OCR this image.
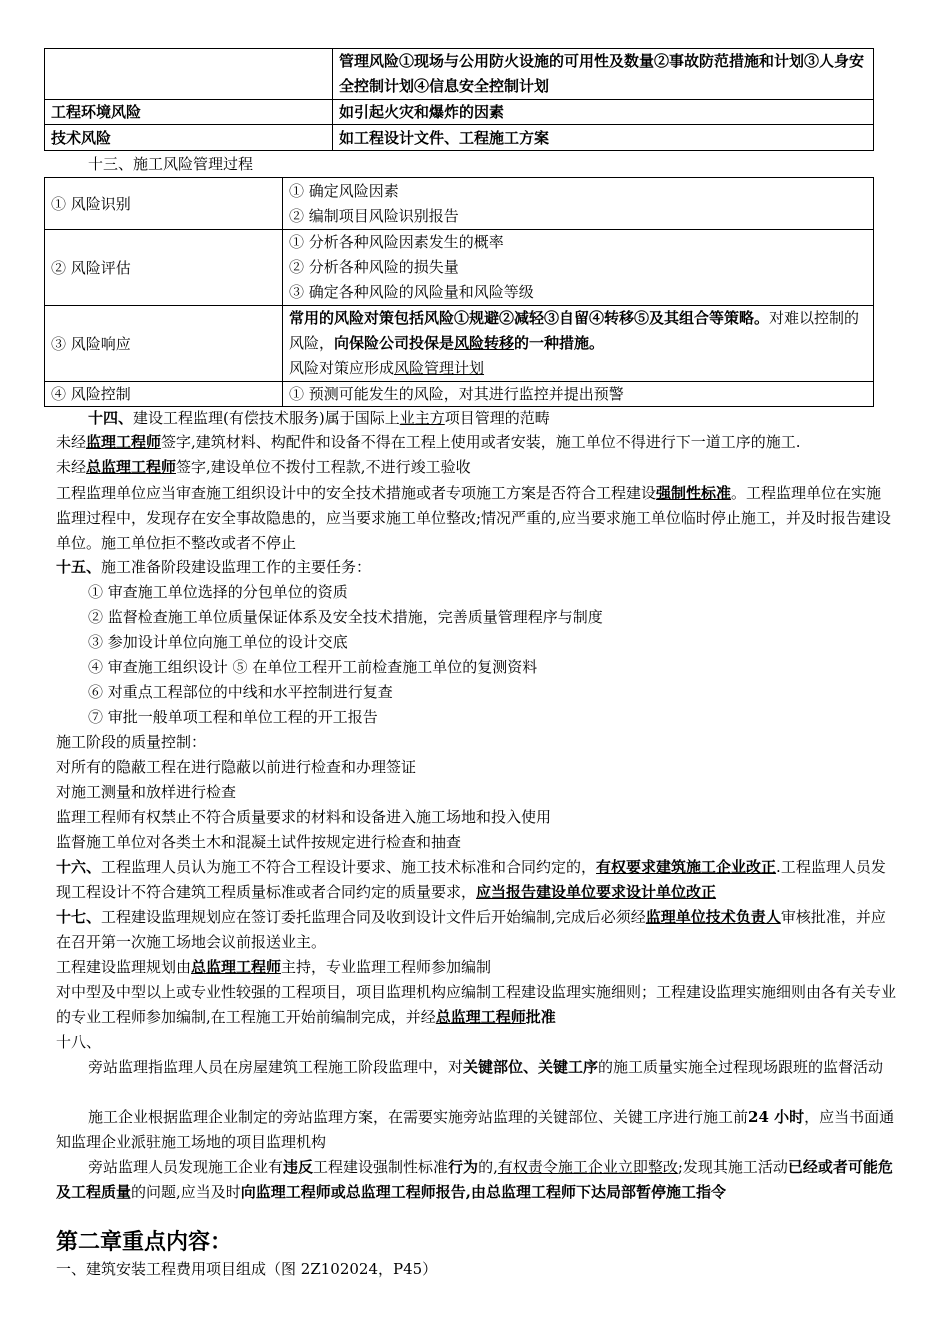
	管理风险①现场与公用防火设施的可用性及数量②事故防范措施和计划③人身安全控制计划④信息安全控制计划
工程环境风险	如引起火灾和爆炸的因素
技术风险	如工程设计文件、工程施工方案
十三、施工风险管理过程
① 风险识别	① 确定风险因素
② 编制项目风险识别报告

② 风险评估	① 分析各种风险因素发生的概率
② 分析各种风险的损失量
③ 确定各种风险的风险量和风险等级

③ 风险响应	常用的风险对策包括风险①规避②减轻③自留④转移⑤及其组合等策略。对难以控制的风险，向保险公司投保是风险转移的一种措施。
风险对策应形成风险管理计划
④ 风险控制	① 预测可能发生的风险，对其进行监控并提出预警
十四、建设工程监理(有偿技术服务)属于国际上业主方项目管理的范畴
未经监理工程师签字,建筑材料、构配件和设备不得在工程上使用或者安装，施工单位不得进行下一道工序的施工.
未经总监理工程师签字,建设单位不拨付工程款,不进行竣工验收
工程监理单位应当审查施工组织设计中的安全技术措施或者专项施工方案是否符合工程建设强制性标准。工程监理单位在实施监理过程中，发现存在安全事故隐患的，应当要求施工单位整改;情况严重的,应当要求施工单位临时停止施工，并及时报告建设单位。施工单位拒不整改或者不停止
十五、施工准备阶段建设监理工作的主要任务：
① 审查施工单位选择的分包单位的资质
② 监督检查施工单位质量保证体系及安全技术措施，完善质量管理程序与制度
③ 参加设计单位向施工单位的设计交底
④ 审查施工组织设计 ⑤ 在单位工程开工前检查施工单位的复测资料
⑥ 对重点工程部位的中线和水平控制进行复查
⑦ 审批一般单项工程和单位工程的开工报告
施工阶段的质量控制：
对所有的隐蔽工程在进行隐蔽以前进行检查和办理签证
对施工测量和放样进行检查
监理工程师有权禁止不符合质量要求的材料和设备进入施工场地和投入使用
监督施工单位对各类土木和混凝土试件按规定进行检查和抽查
十六、工程监理人员认为施工不符合工程设计要求、施工技术标准和合同约定的，有权要求建筑施工企业改正.工程监理人员发现工程设计不符合建筑工程质量标准或者合同约定的质量要求，应当报告建设单位要求设计单位改正
十七、工程建设监理规划应在签订委托监理合同及收到设计文件后开始编制,完成后必须经监理单位技术负责人审核批准，并应在召开第一次施工场地会议前报送业主。
工程建设监理规划由总监理工程师主持，专业监理工程师参加编制
对中型及中型以上或专业性较强的工程项目，项目监理机构应编制工程建设监理实施细则；工程建设监理实施细则由各有关专业的专业工程师参加编制,在工程施工开始前编制完成，并经总监理工程师批准
十八、
旁站监理指监理人员在房屋建筑工程施工阶段监理中，对关键部位、关键工序的施工质量实施全过程现场跟班的监督活动
施工企业根据监理企业制定的旁站监理方案，在需要实施旁站监理的关键部位、关键工序进行施工前24 小时，应当书面通知监理企业派驻施工场地的项目监理机构
旁站监理人员发现施工企业有违反工程建设强制性标准行为的,有权责令施工企业立即整改;发现其施工活动已经或者可能危及工程质量的问题,应当及时向监理工程师或总监理工程师报告,由总监理工程师下达局部暂停施工指令
第二章重点内容：
一、建筑安装工程费用项目组成（图 2Z102024，P45）
